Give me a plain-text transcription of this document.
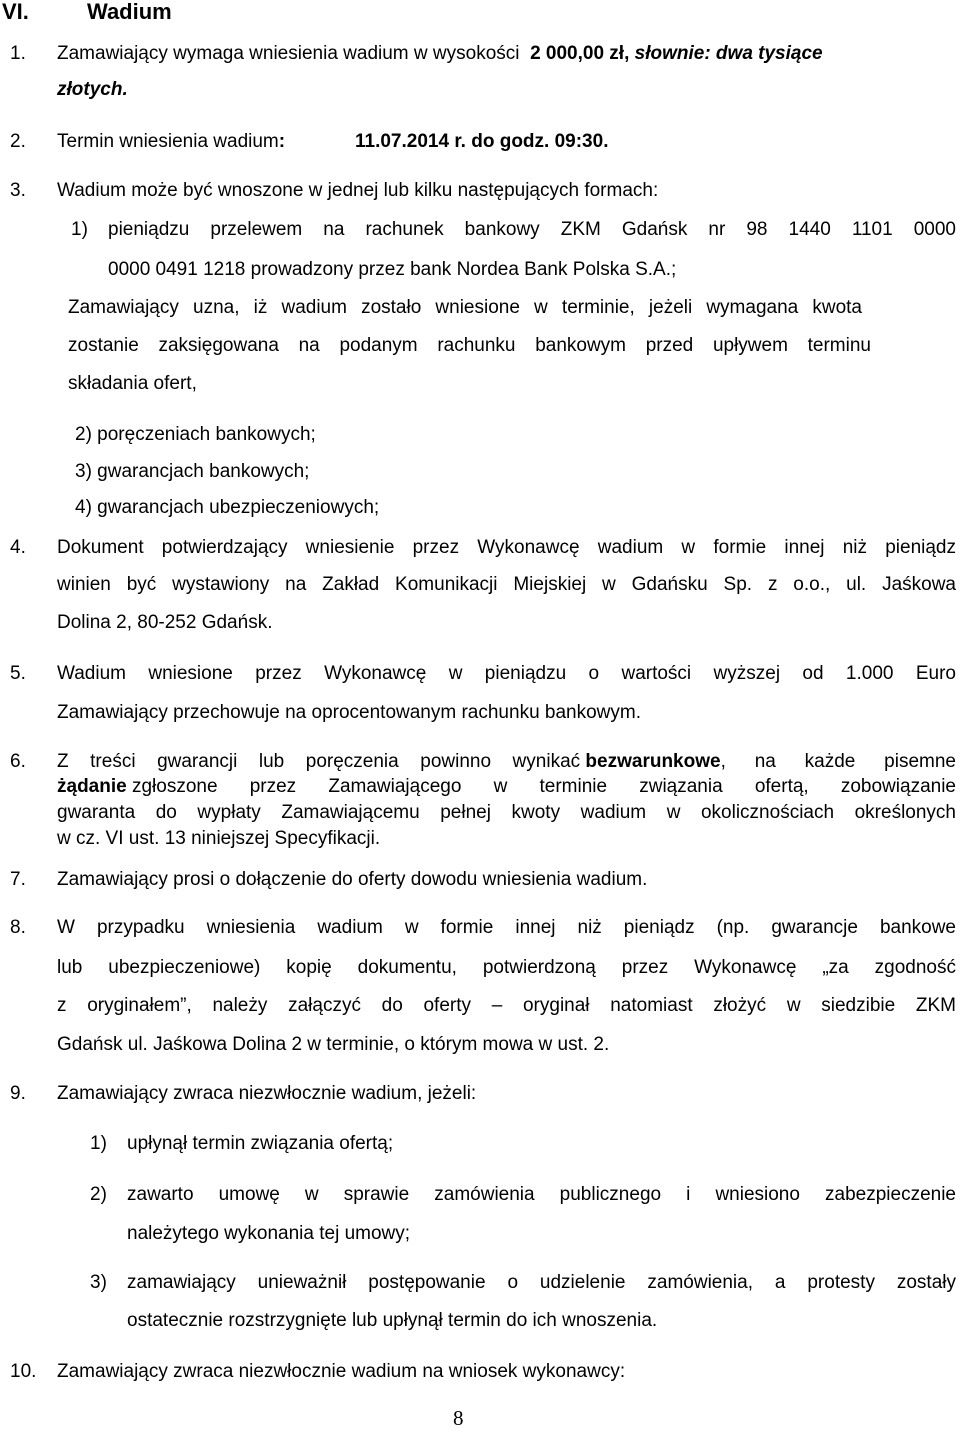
VI.	Wadium
1. Zamawiający wymaga wniesienia wadium w wysokości 2 000,00 zł, słownie: dwa tysiące
złotych.
2. Termin wniesienia wadium:	11.07.2014 r. do godz. 09:30.
3. Wadium może być wnoszone w jednej lub kilku następujących formach:
1) pieniądzu przelewem na rachunek bankowy ZKM Gdańsk nr 98 1440 1101 0000
0000 0491 1218 prowadzony przez bank Nordea Bank Polska S.A.;
Zamawiający uzna, iż wadium zostało wniesione w terminie, jeżeli wymagana kwota
zostanie zaksięgowana na podanym rachunku bankowym przed upływem terminu
składania ofert,
2) poręczeniach bankowych;
3) gwarancjach bankowych;
4) gwarancjach ubezpieczeniowych;
4. Dokument potwierdzający wniesienie przez Wykonawcę wadium w formie innej niż pieniądz
winien być wystawiony na Zakład Komunikacji Miejskiej w Gdańsku Sp. z o.o., ul. Jaśkowa
Dolina 2, 80-252 Gdańsk.
5. Wadium wniesione przez Wykonawcę w pieniądzu o wartości wyższej od 1.000 Euro
Zamawiający przechowuje na oprocentowanym rachunku bankowym.
6. Z treści gwarancji lub poręczenia powinno wynikać
bezwarunkowe , na każde pisemne
żądanie
zgłoszone przez Zamawiającego w terminie związania ofertą, zobowiązanie
gwaranta do wypłaty Zamawiającemu pełnej kwoty wadium w okolicznościach określonych
w cz. VI ust. 13 niniejszej Specyfikacji.
7. Zamawiający prosi o dołączenie do oferty dowodu wniesienia wadium.
8. W przypadku wniesienia wadium w formie innej niż pieniądz (np. gwarancje bankowe
lub ubezpieczeniowe) kopię dokumentu, potwierdzoną przez Wykonawcę „za zgodność
z oryginałem”, należy załączyć do oferty – oryginał natomiast złożyć w siedzibie ZKM
Gdańsk ul. Jaśkowa Dolina 2 w terminie, o którym mowa w ust. 2.
9. Zamawiający zwraca niezwłocznie wadium, jeżeli:
1) upłynął termin związania ofertą;
2) zawarto umowę w sprawie zamówienia publicznego i wniesiono zabezpieczenie
należytego wykonania tej umowy;
3) zamawiający unieważnił postępowanie o udzielenie zamówienia, a protesty zostały
ostatecznie rozstrzygnięte lub upłynął termin do ich wnoszenia.
10. Zamawiający zwraca niezwłocznie wadium na wniosek wykonawcy:
8
